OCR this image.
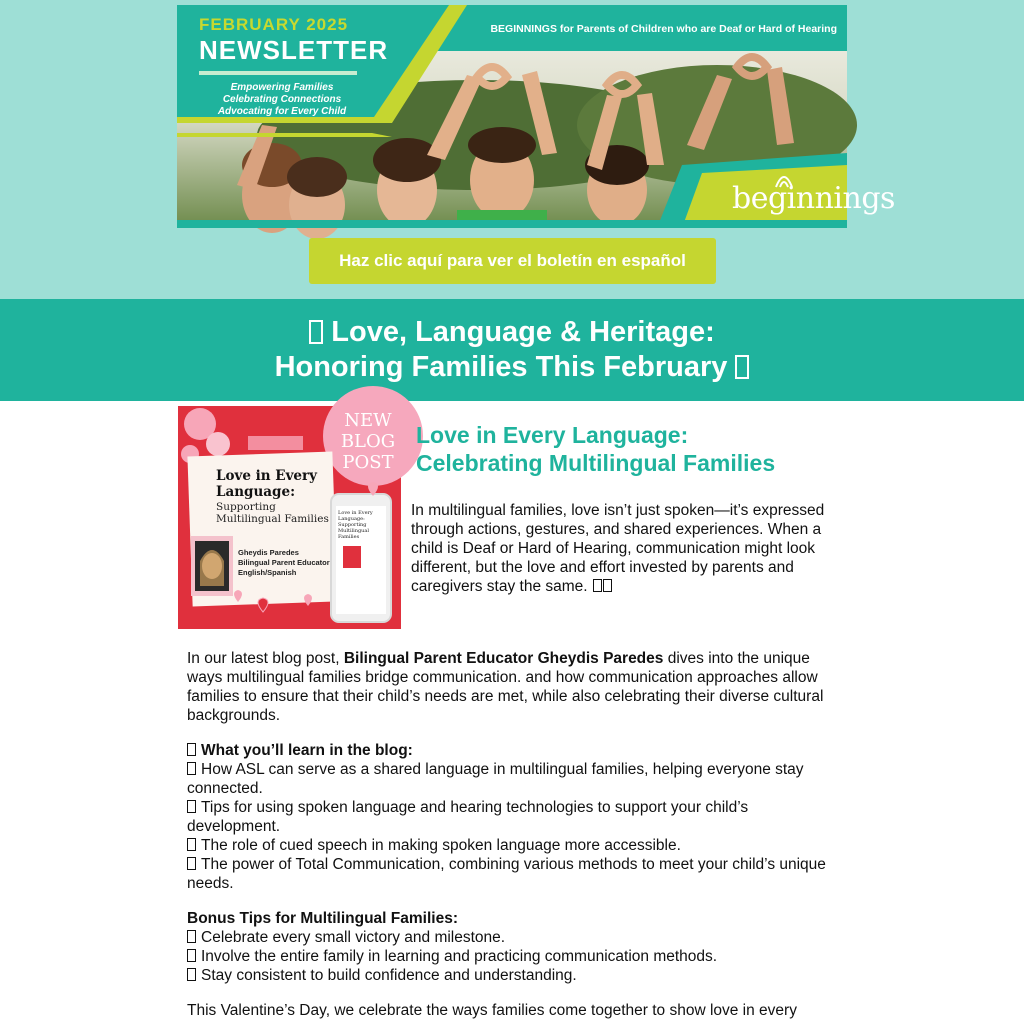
FEBRUARY 2025
NEWSLETTER
Empowering Families
Celebrating Connections
Advocating for Every Child
BEGINNINGS for Parents of Children who are Deaf or Hard of Hearing
beginnings
Haz clic aquí para ver el boletín en español
Love, Language & Heritage:
Honoring Families This February
NEW
BLOG
POST
Love in Every
Language:
Supporting
Multilingual Families
Gheydis Paredes
Bilingual Parent Educator
English/Spanish
Love in Every
Language:
Supporting
Multilingual
Families
Love in Every Language:
Celebrating Multilingual Families
In multilingual families, love isn’t just spoken—it’s expressed through actions, gestures, and shared experiences. When a child is Deaf or Hard of Hearing, communication might look different, but the love and effort invested by parents and caregivers stay the same.
In our latest blog post, Bilingual Parent Educator Gheydis Paredes dives into the unique ways multilingual families bridge communication. and how communication approaches allow families to ensure that their child’s needs are met, while also celebrating their diverse cultural backgrounds.

What you’ll learn in the blog:

How ASL can serve as a shared language in multilingual families, helping everyone stay connected.

Tips for using spoken language and hearing technologies to support your child’s development.

The role of cued speech in making spoken language more accessible.

The power of Total Communication, combining various methods to meet your child’s unique needs.

Bonus Tips for Multilingual Families:

Celebrate every small victory and milestone.

Involve the entire family in learning and practicing communication methods.

Stay consistent to build confidence and understanding.

This Valentine’s Day, we celebrate the ways families come together to show love in every
